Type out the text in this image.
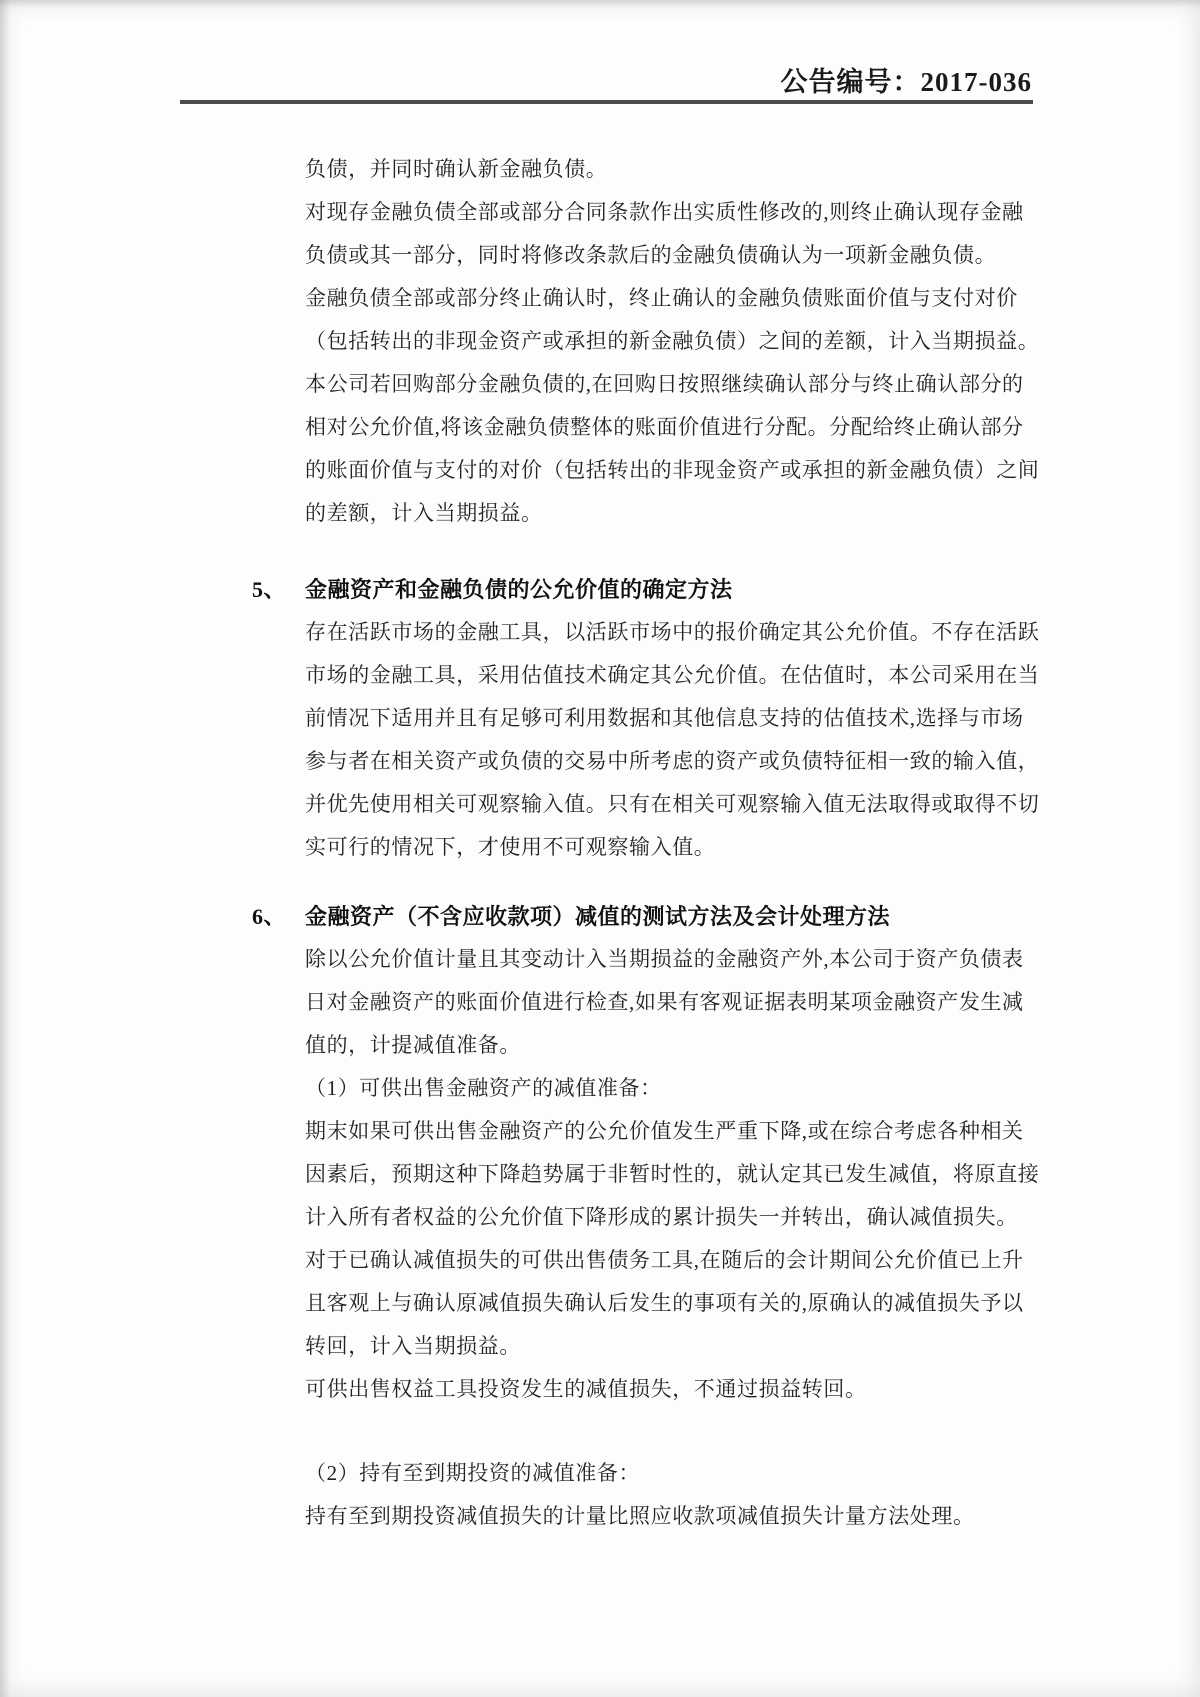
公告编号：2017-036
负债，并同时确认新金融负债。
对现存金融负债全部或部分合同条款作出实质性修改的,则终止确认现存金融
负债或其一部分，同时将修改条款后的金融负债确认为一项新金融负债。
金融负债全部或部分终止确认时，终止确认的金融负债账面价值与支付对价
（包括转出的非现金资产或承担的新金融负债）之间的差额，计入当期损益。
本公司若回购部分金融负债的,在回购日按照继续确认部分与终止确认部分的
相对公允价值,将该金融负债整体的账面价值进行分配。分配给终止确认部分
的账面价值与支付的对价（包括转出的非现金资产或承担的新金融负债）之间
的差额，计入当期损益。
5、 金融资产和金融负债的公允价值的确定方法
存在活跃市场的金融工具，以活跃市场中的报价确定其公允价值。不存在活跃
市场的金融工具，采用估值技术确定其公允价值。在估值时，本公司采用在当
前情况下适用并且有足够可利用数据和其他信息支持的估值技术,选择与市场
参与者在相关资产或负债的交易中所考虑的资产或负债特征相一致的输入值，
并优先使用相关可观察输入值。只有在相关可观察输入值无法取得或取得不切
实可行的情况下，才使用不可观察输入值。
6、 金融资产（不含应收款项）减值的测试方法及会计处理方法
除以公允价值计量且其变动计入当期损益的金融资产外,本公司于资产负债表
日对金融资产的账面价值进行检查,如果有客观证据表明某项金融资产发生减
值的，计提减值准备。
（1）可供出售金融资产的减值准备：
期末如果可供出售金融资产的公允价值发生严重下降,或在综合考虑各种相关
因素后，预期这种下降趋势属于非暂时性的，就认定其已发生减值，将原直接
计入所有者权益的公允价值下降形成的累计损失一并转出，确认减值损失。
对于已确认减值损失的可供出售债务工具,在随后的会计期间公允价值已上升
且客观上与确认原减值损失确认后发生的事项有关的,原确认的减值损失予以
转回，计入当期损益。
可供出售权益工具投资发生的减值损失，不通过损益转回。
（2）持有至到期投资的减值准备：
持有至到期投资减值损失的计量比照应收款项减值损失计量方法处理。
